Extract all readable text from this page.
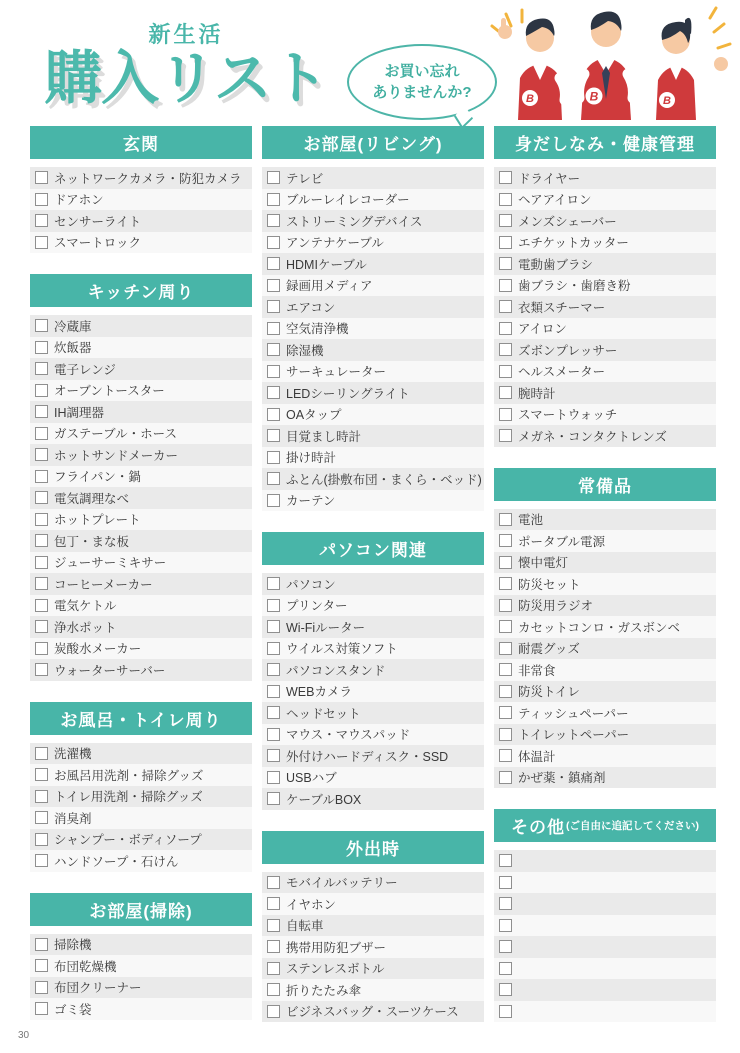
新生活
購入リスト	お買い忘れ
ありませんか?	B	B
B
玄関
ネットワークカメラ・防犯カメラ
ドアホン
センサーライト
スマートロック
キッチン周り
冷蔵庫
炊飯器
電子レンジ
オーブントースター
IH調理器
ガステーブル・ホース
ホットサンドメーカー
フライパン・鍋
電気調理なべ
ホットプレート
包丁・まな板
ジューサーミキサー
コーヒーメーカー
電気ケトル
浄水ポット
炭酸水メーカー
ウォーターサーバー
お風呂・トイレ周り
洗濯機
お風呂用洗剤・掃除グッズ
トイレ用洗剤・掃除グッズ
消臭剤
シャンプー・ボディソープ
ハンドソープ・石けん
お部屋(掃除)
掃除機
布団乾燥機
布団クリーナー
ゴミ袋
お部屋(リビング)
テレビ
ブルーレイレコーダー
ストリーミングデバイス
アンテナケーブル
HDMIケーブル
録画用メディア
エアコン
空気清浄機
除湿機
サーキュレーター
LEDシーリングライト
OAタップ
目覚まし時計
掛け時計
ふとん(掛敷布団・まくら・ベッド)
カーテン
パソコン関連
パソコン
プリンター
Wi-Fiルーター
ウイルス対策ソフト
パソコンスタンド
WEBカメラ
ヘッドセット
マウス・マウスパッド
外付けハードディスク・SSD
USBハブ
ケーブルBOX
外出時
モバイルバッテリー
イヤホン
自転車
携帯用防犯ブザー
ステンレスボトル
折りたたみ傘
ビジネスバッグ・スーツケース
身だしなみ・健康管理
ドライヤー
ヘアアイロン
メンズシェーバー
エチケットカッター
電動歯ブラシ
歯ブラシ・歯磨き粉
衣類スチーマー
アイロン
ズボンプレッサー
ヘルスメーター
腕時計
スマートウォッチ
メガネ・コンタクトレンズ
常備品
電池
ポータブル電源
懐中電灯
防災セット
防災用ラジオ
カセットコンロ・ガスボンベ
耐震グッズ
非常食
防災トイレ
ティッシュペーパー
トイレットペーパー
体温計
かぜ薬・鎮痛剤
その他 (ご自由に追記してください)
30
